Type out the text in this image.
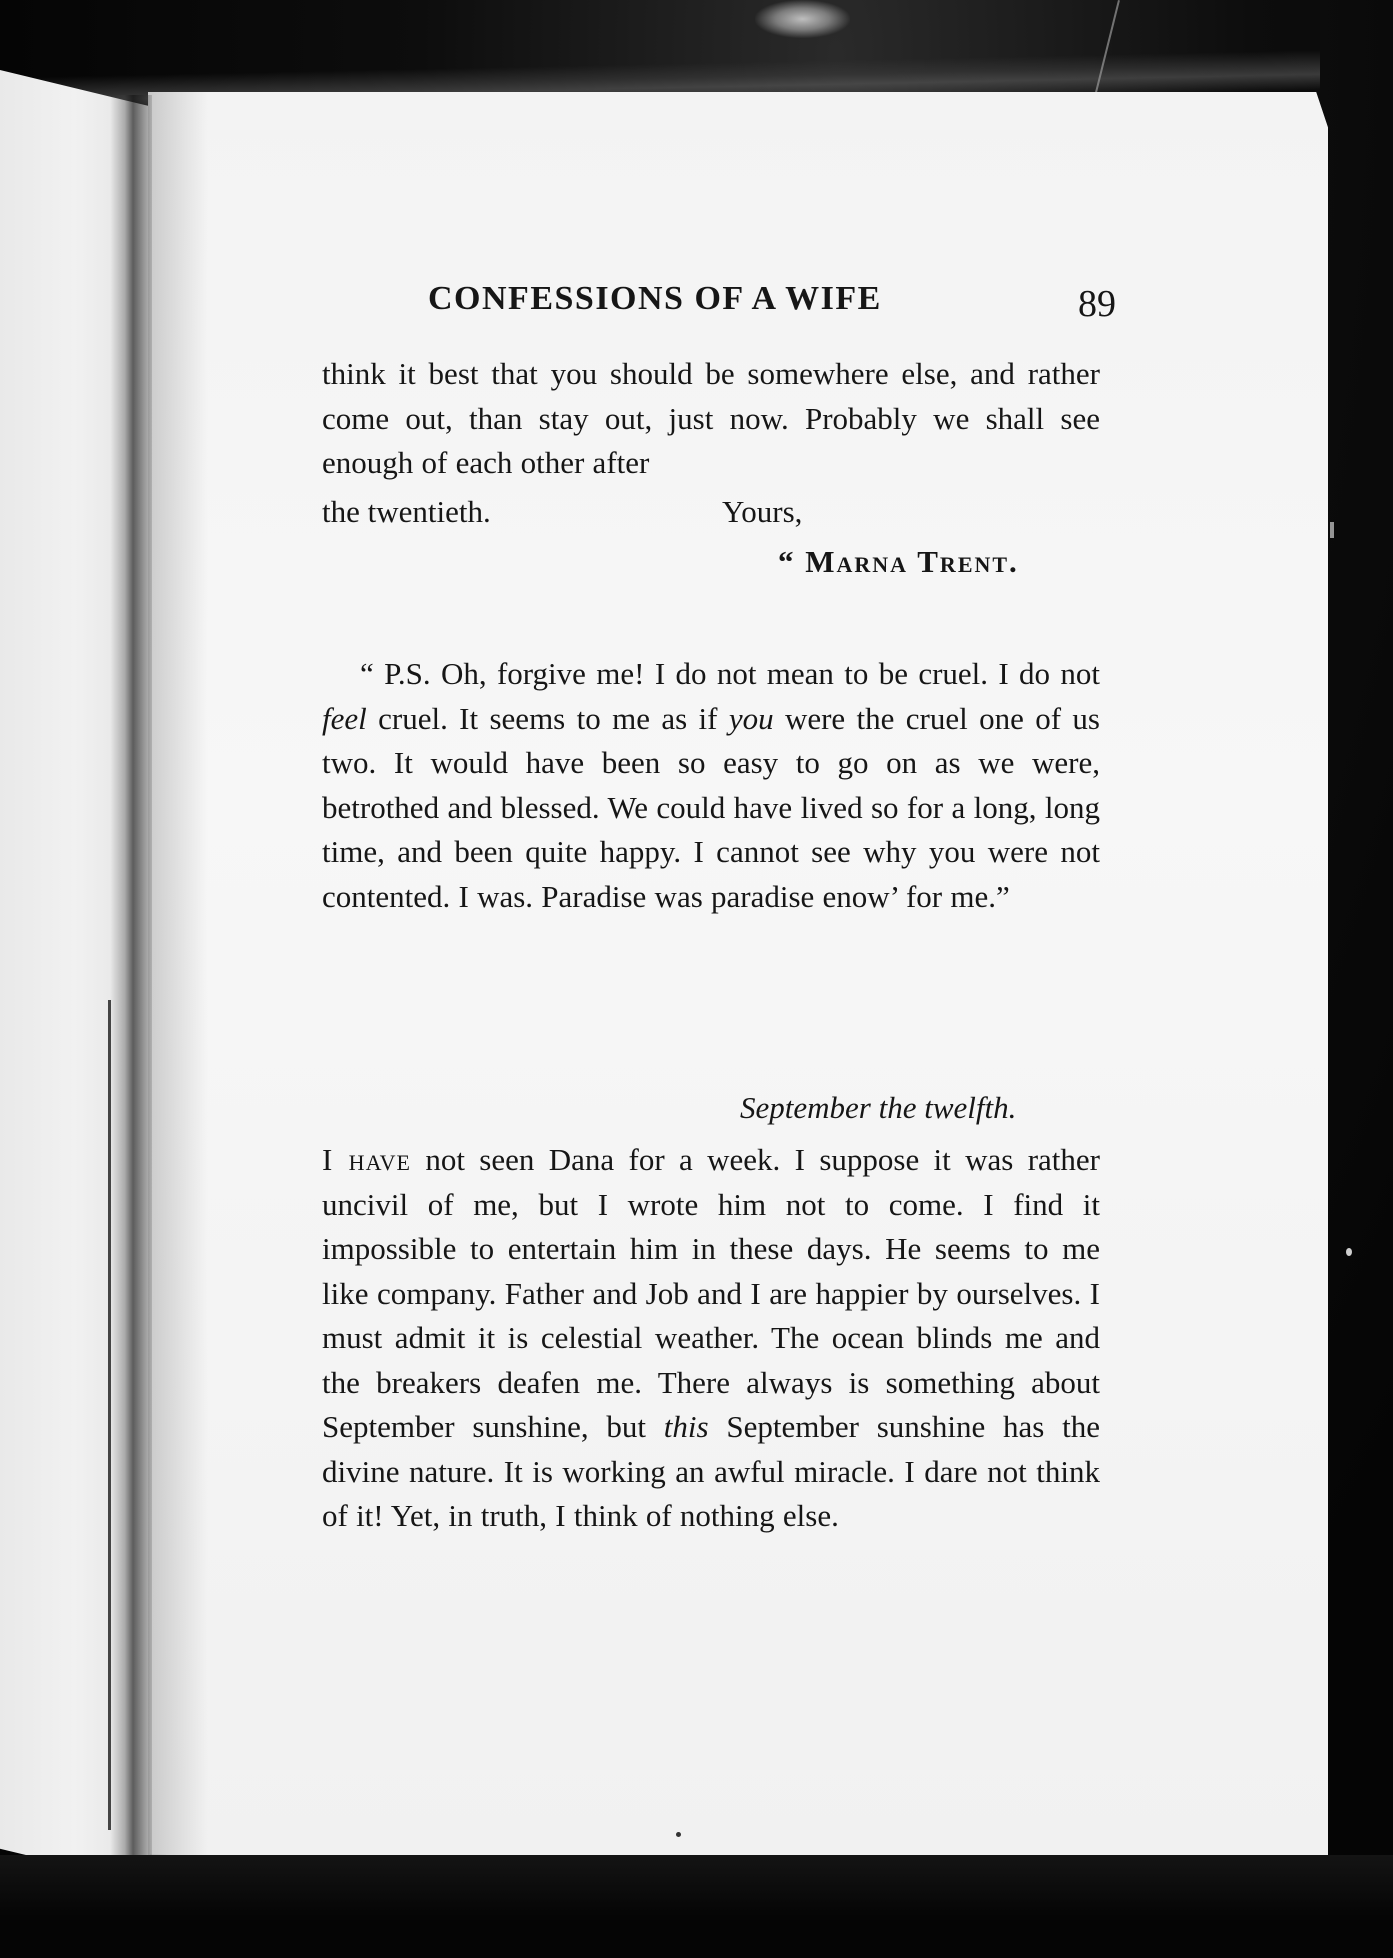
CONFESSIONS OF A WIFE	89

think it best that you should be somewhere else, and rather come out, than stay out, just now. Probably we shall see enough of each other after

the twentieth.	Yours,
“ Marna Trent.

“ P.S. Oh, forgive me! I do not mean to be cruel. I do not feel cruel. It seems to me as if you were the cruel one of us two. It would have been so easy to go on as we were, betrothed and blessed. We could have lived so for a long, long time, and been quite happy. I cannot see why you were not contented. I was. Paradise was paradise enow’ for me.”

September the twelfth.

I have not seen Dana for a week. I suppose it was rather uncivil of me, but I wrote him not to come. I find it impossible to entertain him in these days. He seems to me like company. Father and Job and I are happier by ourselves. I must admit it is celestial weather. The ocean blinds me and the breakers deafen me. There always is something about September sunshine, but this September sunshine has the divine nature. It is working an awful miracle. I dare not think of it! Yet, in truth, I think of nothing else.
